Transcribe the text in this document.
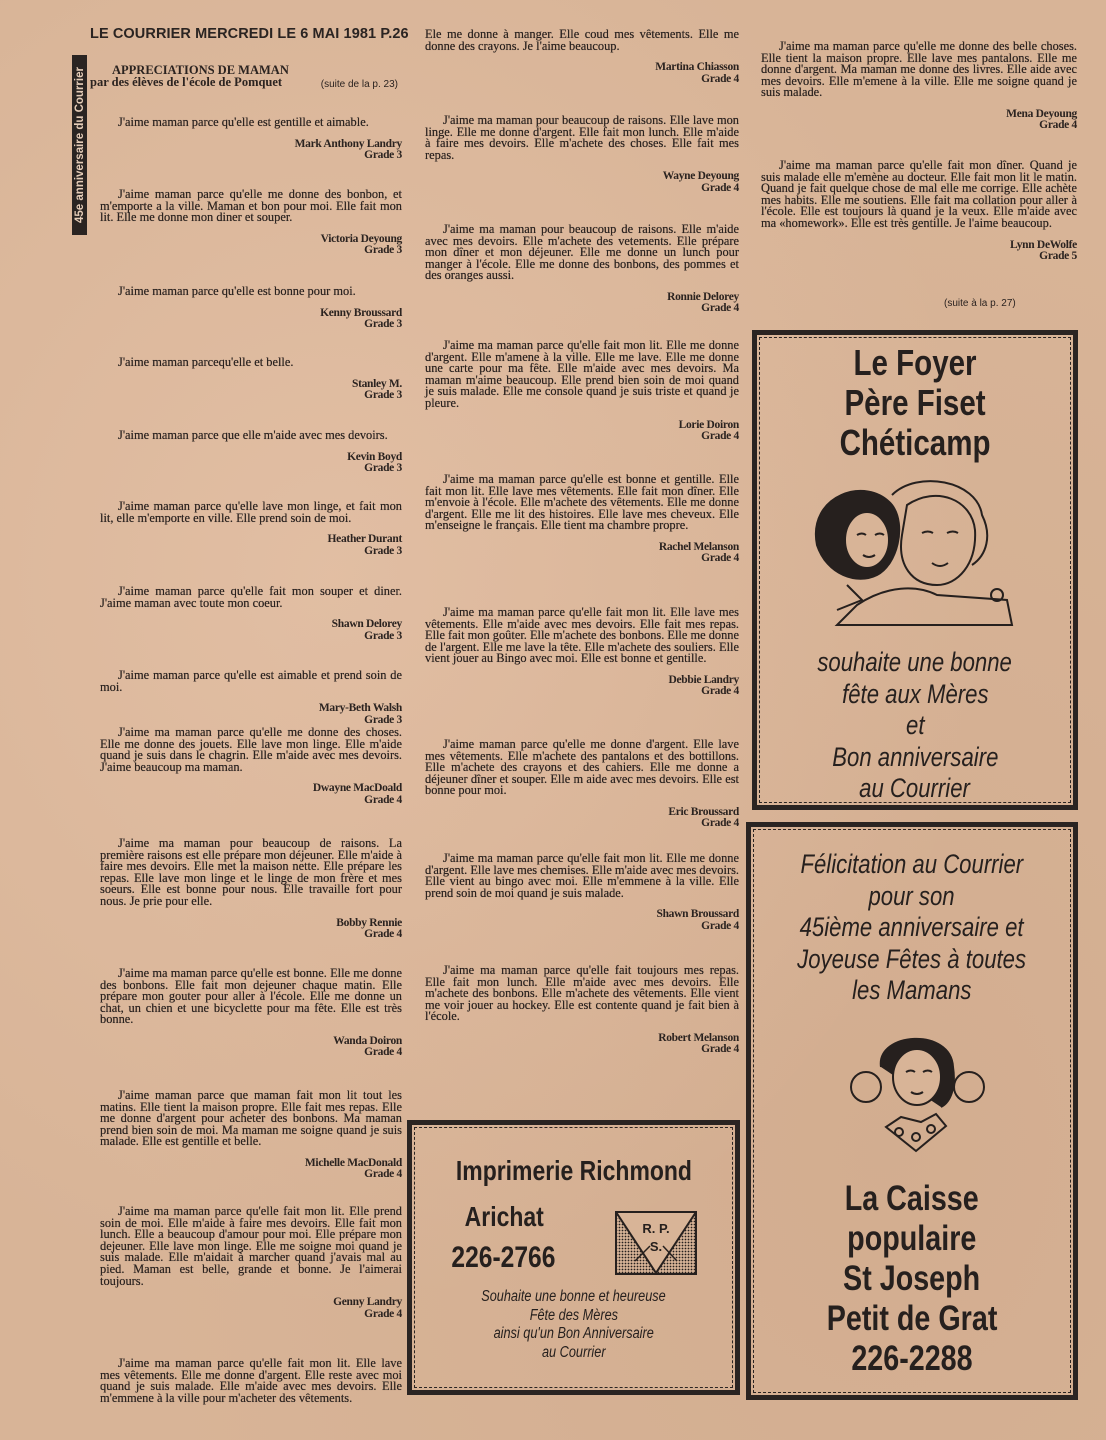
LE COURRIER MERCREDI LE 6 MAI 1981 P.26
45e anniversaire du Courrier	APPRECIATIONS DE MAMAN
par des élèves de l'école de Pomquet	(suite de la p. 23)

J'aime maman parce qu'elle est gentille et aimable.

Mark Anthony Landry
Grade 3

J'aime maman parce qu'elle me donne des bonbon, et m'emporte a la ville. Maman et bon pour moi. Elle fait mon lit. Elle me donne mon diner et souper.

Victoria Deyoung
Grade 3

J'aime maman parce qu'elle est bonne pour moi.

Kenny Broussard
Grade 3

J'aime maman parcequ'elle et belle.

Stanley M.
Grade 3

J'aime maman parce que elle m'aide avec mes devoirs.

Kevin Boyd
Grade 3

J'aime maman parce qu'elle lave mon linge, et fait mon lit, elle m'emporte en ville. Elle prend soin de moi.

Heather Durant
Grade 3

J'aime maman parce qu'elle fait mon souper et diner. J'aime maman avec toute mon coeur.

Shawn Delorey
Grade 3

J'aime maman parce qu'elle est aimable et prend soin de moi.

Mary-Beth Walsh
Grade 3

J'aime ma maman parce qu'elle me donne des choses. Elle me donne des jouets. Elle lave mon linge. Elle m'aide quand je suis dans le chagrin. Elle m'aide avec mes devoirs. J'aime beaucoup ma maman.

Dwayne MacDoald
Grade 4

J'aime ma maman pour beaucoup de raisons. La première raisons est elle prépare mon déjeuner. Elle m'aide à faire mes devoirs. Elle met la maison nette. Elle prépare les repas. Elle lave mon linge et le linge de mon frère et mes soeurs. Elle est bonne pour nous. Elle travaille fort pour nous. Je prie pour elle.

Bobby Rennie
Grade 4

J'aime ma maman parce qu'elle est bonne. Elle me donne des bonbons. Elle fait mon dejeuner chaque matin. Elle prépare mon gouter pour aller à l'école. Elle me donne un chat, un chien et une bicyclette pour ma fête. Elle est très bonne.

Wanda Doiron
Grade 4

J'aime maman parce que maman fait mon lit tout les matins. Elle tient la maison propre. Elle fait mes repas. Elle me donne d'argent pour acheter des bonbons. Ma maman prend bien soin de moi. Ma maman me soigne quand je suis malade. Elle est gentille et belle.

Michelle MacDonald
Grade 4

J'aime ma maman parce qu'elle fait mon lit. Elle prend soin de moi. Elle m'aide à faire mes devoirs. Elle fait mon lunch. Elle a beaucoup d'amour pour moi. Elle prépare mon dejeuner. Elle lave mon linge. Elle me soigne moi quand je suis malade. Elle m'aidait à marcher quand j'avais mal au pied. Maman est belle, grande et bonne. Je l'aimerai toujours.

Genny Landry
Grade 4

J'aime ma maman parce qu'elle fait mon lit. Elle lave mes vêtements. Elle me donne d'argent. Elle reste avec moi quand je suis malade. Elle m'aide avec mes devoirs. Elle m'emmene à la ville pour m'acheter des vêtements.

Ele me donne à manger. Elle coud mes vêtements. Elle me donne des crayons. Je l'aime beaucoup.

Martina Chiasson
Grade 4

J'aime ma maman pour beaucoup de raisons. Elle lave mon linge. Elle me donne d'argent. Elle fait mon lunch. Elle m'aide à faire mes devoirs. Elle m'achete des choses. Elle fait mes repas.

Wayne Deyoung
Grade 4

J'aime ma maman pour beaucoup de raisons. Elle m'aide avec mes devoirs. Elle m'achete des vetements. Elle prépare mon dîner et mon déjeuner. Elle me donne un lunch pour manger à l'école. Elle me donne des bonbons, des pommes et des oranges aussi.

Ronnie Delorey
Grade 4

J'aime ma maman parce qu'elle fait mon lit. Elle me donne d'argent. Elle m'amene à la ville. Elle me lave. Elle me donne une carte pour ma fête. Elle m'aide avec mes devoirs. Ma maman m'aime beaucoup. Elle prend bien soin de moi quand je suis malade. Elle me console quand je suis triste et quand je pleure.

Lorie Doiron
Grade 4

J'aime ma maman parce qu'elle est bonne et gentille. Elle fait mon lit. Elle lave mes vêtements. Elle fait mon dîner. Elle m'envoie à l'école. Elle m'achete des vêtements. Elle me donne d'argent. Elle me lit des histoires. Elle lave mes cheveux. Elle m'enseigne le français. Elle tient ma chambre propre.

Rachel Melanson
Grade 4

J'aime ma maman parce qu'elle fait mon lit. Elle lave mes vêtements. Elle m'aide avec mes devoirs. Elle fait mes repas. Elle fait mon goûter. Elle m'achete des bonbons. Elle me donne de l'argent. Elle me lave la tête. Elle m'achete des souliers. Elle vient jouer au Bingo avec moi. Elle est bonne et gentille.

Debbie Landry
Grade 4

J'aime maman parce qu'elle me donne d'argent. Elle lave mes vêtements. Elle m'achete des pantalons et des bottillons. Elle m'achete des crayons et des cahiers. Elle me donne a déjeuner dîner et souper. Elle m aide avec mes devoirs. Elle est bonne pour moi.

Eric Broussard
Grade 4

J'aime ma maman parce qu'elle fait mon lit. Elle me donne d'argent. Elle lave mes chemises. Elle m'aide avec mes devoirs. Elle vient au bingo avec moi. Elle m'emmene à la ville. Elle prend soin de moi quand je suis malade.

Shawn Broussard
Grade 4

J'aime ma maman parce qu'elle fait toujours mes repas. Elle fait mon lunch. Elle m'aide avec mes devoirs. Elle m'achete des bonbons. Elle m'achete des vêtements. Elle vient me voir jouer au hockey. Elle est contente quand je fait bien à l'école.

Robert Melanson
Grade 4

J'aime ma maman parce qu'elle me donne des belle choses. Elle tient la maison propre. Elle lave mes pantalons. Elle me donne d'argent. Ma maman me donne des livres. Elle aide avec mes devoirs. Elle m'emene à la ville. Elle me soigne quand je suis malade.

Mena Deyoung
Grade 4

J'aime ma maman parce qu'elle fait mon dîner. Quand je suis malade elle m'emène au docteur. Elle fait mon lit le matin. Quand je fait quelque chose de mal elle me corrige. Elle achète mes habits. Elle me soutiens. Elle fait ma collation pour aller à l'école. Elle est toujours là quand je la veux. Elle m'aide avec ma «homework». Elle est très gentille. Je l'aime beaucoup.

Lynn DeWolfe
Grade 5
(suite à la p. 27)
Le Foyer
Père Fiset
Chéticamp
souhaite une bonne
fête aux Mères
et
Bon anniversaire
au Courrier
Félicitation au Courrier
pour son
45ième anniversaire et
Joyeuse Fêtes à toutes
les Mamans
La Caisse
populaire
St Joseph
Petit de Grat
226-2288
Imprimerie Richmond
Arichat
226-2766
R. P.
S.
Souhaite une bonne et heureuse
Fête des Mères
ainsi qu'un Bon Anniversaire
au Courrier
